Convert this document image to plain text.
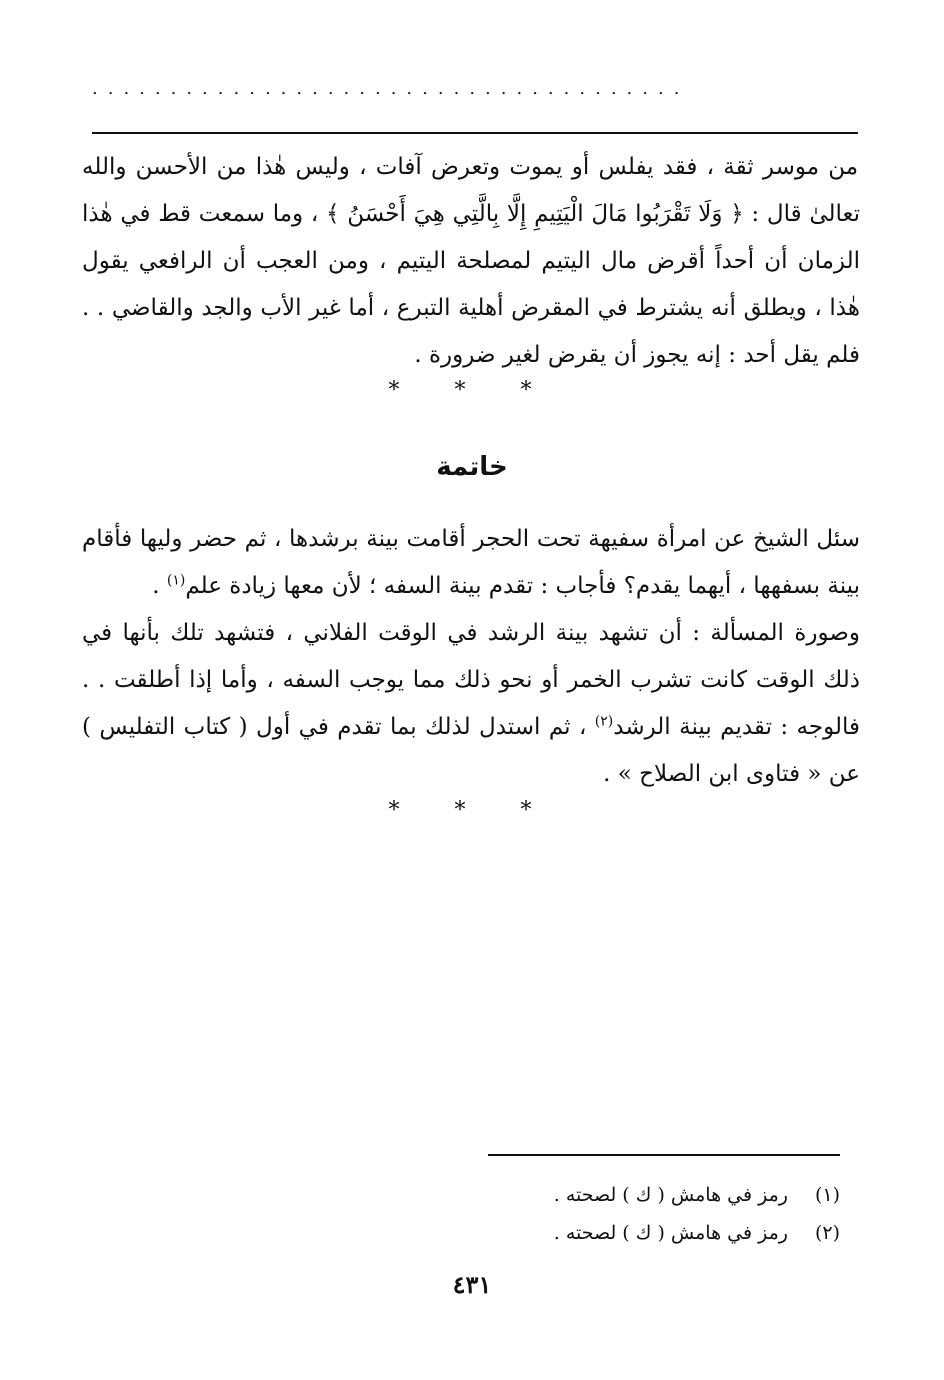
......................................
من موسر ثقة ، فقد يفلس أو يموت وتعرض آفات ، وليس هٰذا من الأحسن والله تعالىٰ قال : ﴿ وَلَا تَقْرَبُوا مَالَ الْيَتِيمِ إِلَّا بِالَّتِي هِيَ أَحْسَنُ ﴾ ، وما سمعت قط في هٰذا الزمان أن أحداً أقرض مال اليتيم لمصلحة اليتيم ، ومن العجب أن الرافعي يقول هٰذا ، ويطلق أنه يشترط في المقرض أهلية التبرع ، أما غير الأب والجد والقاضي . . فلم يقل أحد : إنه يجوز أن يقرض لغير ضرورة .
* * *
خاتمة
سئل الشيخ عن امرأة سفيهة تحت الحجر أقامت بينة برشدها ، ثم حضر وليها فأقام بينة بسفهها ، أيهما يقدم؟ فأجاب : تقدم بينة السفه ؛ لأن معها زيادة علم$^{(١)}$ .
وصورة المسألة : أن تشهد بينة الرشد في الوقت الفلاني ، فتشهد تلك بأنها في ذلك الوقت كانت تشرب الخمر أو نحو ذلك مما يوجب السفه ، وأما إذا أطلقت . . فالوجه : تقديم بينة الرشد$^{(٢)}$ ، ثم استدل لذلك بما تقدم في أول ( كتاب التفليس ) عن « فتاوى ابن الصلاح » .
* * *
(١) رمز في هامش ( ك ) لصحته .
(٢) رمز في هامش ( ك ) لصحته .
٤٣١
